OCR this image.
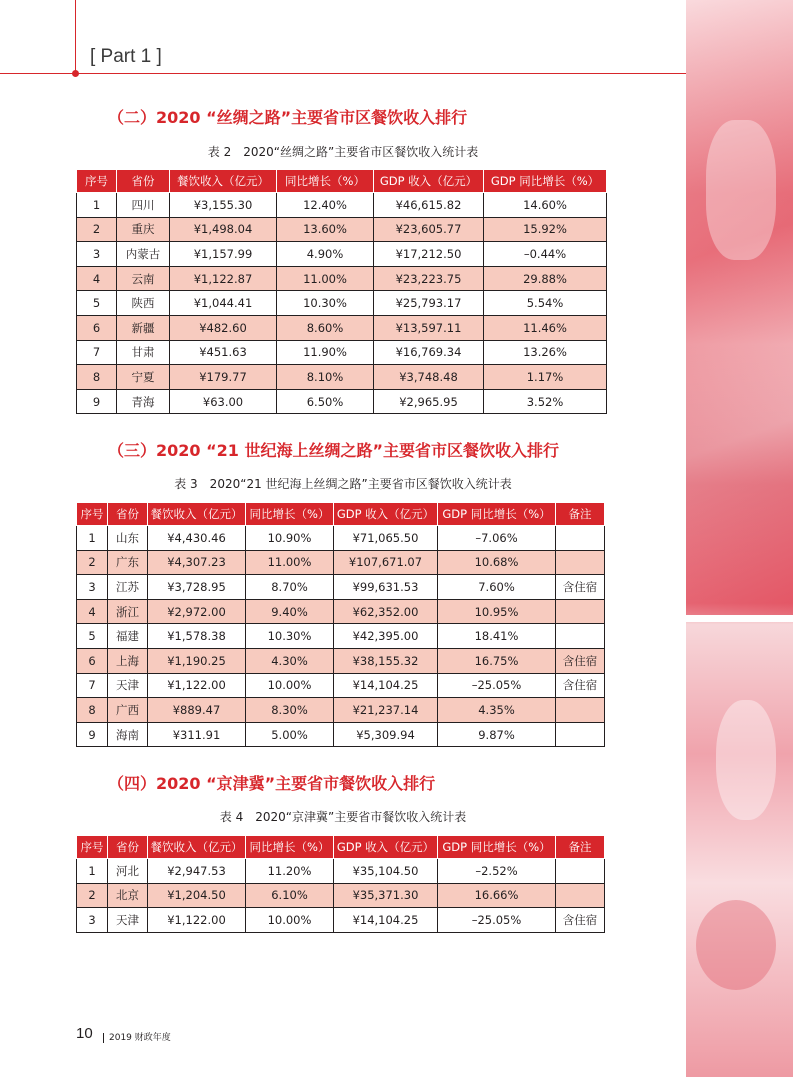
[ Part 1 ]
（二）2020 “丝绸之路”主要省市区餐饮收入排行
表 2　2020“丝绸之路”主要省市区餐饮收入统计表
序号	省份	餐饮收入（亿元）	同比增长（%）	GDP 收入（亿元）	GDP 同比增长（%）
1	四川	¥3,155.30	12.40%	¥46,615.82	14.60%
2	重庆	¥1,498.04	13.60%	¥23,605.77	15.92%
3	内蒙古	¥1,157.99	4.90%	¥17,212.50	–0.44%
4	云南	¥1,122.87	11.00%	¥23,223.75	29.88%
5	陕西	¥1,044.41	10.30%	¥25,793.17	5.54%
6	新疆	¥482.60	8.60%	¥13,597.11	11.46%
7	甘肃	¥451.63	11.90%	¥16,769.34	13.26%
8	宁夏	¥179.77	8.10%	¥3,748.48	1.17%
9	青海	¥63.00	6.50%	¥2,965.95	3.52%
（三）2020 “21 世纪海上丝绸之路”主要省市区餐饮收入排行
表 3　2020“21 世纪海上丝绸之路”主要省市区餐饮收入统计表
序号	省份	餐饮收入（亿元）	同比增长（%）	GDP 收入（亿元）	GDP 同比增长（%）	备注
1	山东	¥4,430.46	10.90%	¥71,065.50	–7.06%	
2	广东	¥4,307.23	11.00%	¥107,671.07	10.68%	
3	江苏	¥3,728.95	8.70%	¥99,631.53	7.60%	含住宿
4	浙江	¥2,972.00	9.40%	¥62,352.00	10.95%	
5	福建	¥1,578.38	10.30%	¥42,395.00	18.41%	
6	上海	¥1,190.25	4.30%	¥38,155.32	16.75%	含住宿
7	天津	¥1,122.00	10.00%	¥14,104.25	–25.05%	含住宿
8	广西	¥889.47	8.30%	¥21,237.14	4.35%	
9	海南	¥311.91	5.00%	¥5,309.94	9.87%	
（四）2020 “京津冀”主要省市餐饮收入排行
表 4　2020“京津冀”主要省市餐饮收入统计表
序号	省份	餐饮收入（亿元）	同比增长（%）	GDP 收入（亿元）	GDP 同比增长（%）	备注
1	河北	¥2,947.53	11.20%	¥35,104.50	–2.52%	
2	北京	¥1,204.50	6.10%	¥35,371.30	16.66%	
3	天津	¥1,122.00	10.00%	¥14,104.25	–25.05%	含住宿
10	2019 财政年度
